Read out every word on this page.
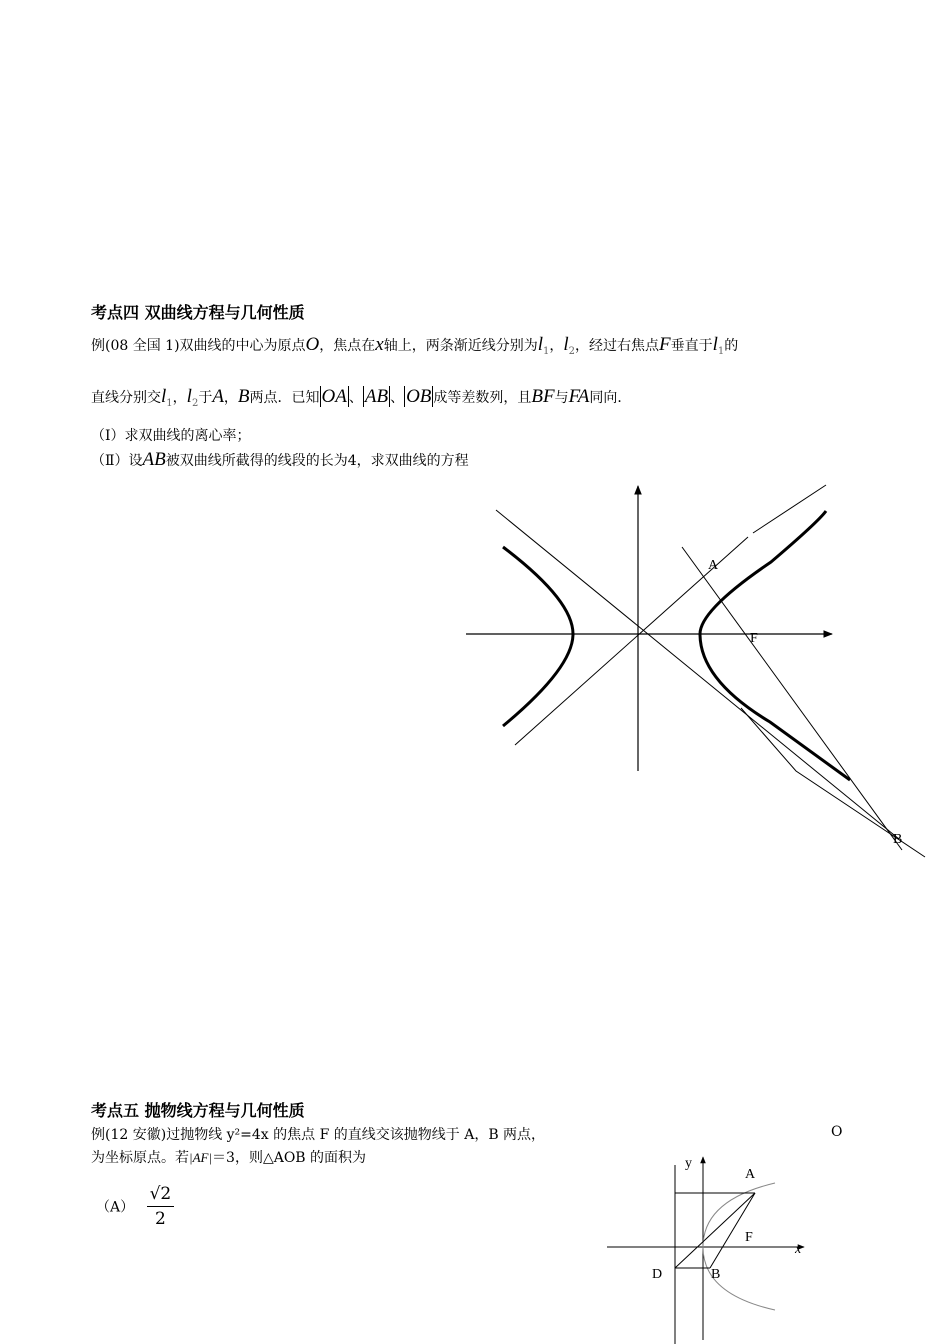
考点四 双曲线方程与几何性质
例(08 全国 1)双曲线的中心为原点O，焦点在x轴上，两条渐近线分别为$l_1$，$l_2$，经过右焦点F垂直于$l_1$的
直线分别交$l_1$，$l_2$于A，B两点．已知 OA 、 AB 、 OB 成等差数列，且BF与FA同向．
（Ⅰ）求双曲线的离心率；
（Ⅱ）设AB被双曲线所截得的线段的长为4，求双曲线的方程
A
F
B
考点五 抛物线方程与几何性质
例(12 安徽)过抛物线 y²=4x 的焦点 F 的直线交该抛物线于 A，B 两点，	O
为坐标原点。若|AF|＝3，则△AOB 的面积为
$(A) \frac{√2}{2}$
y
A
F
x
D	B
